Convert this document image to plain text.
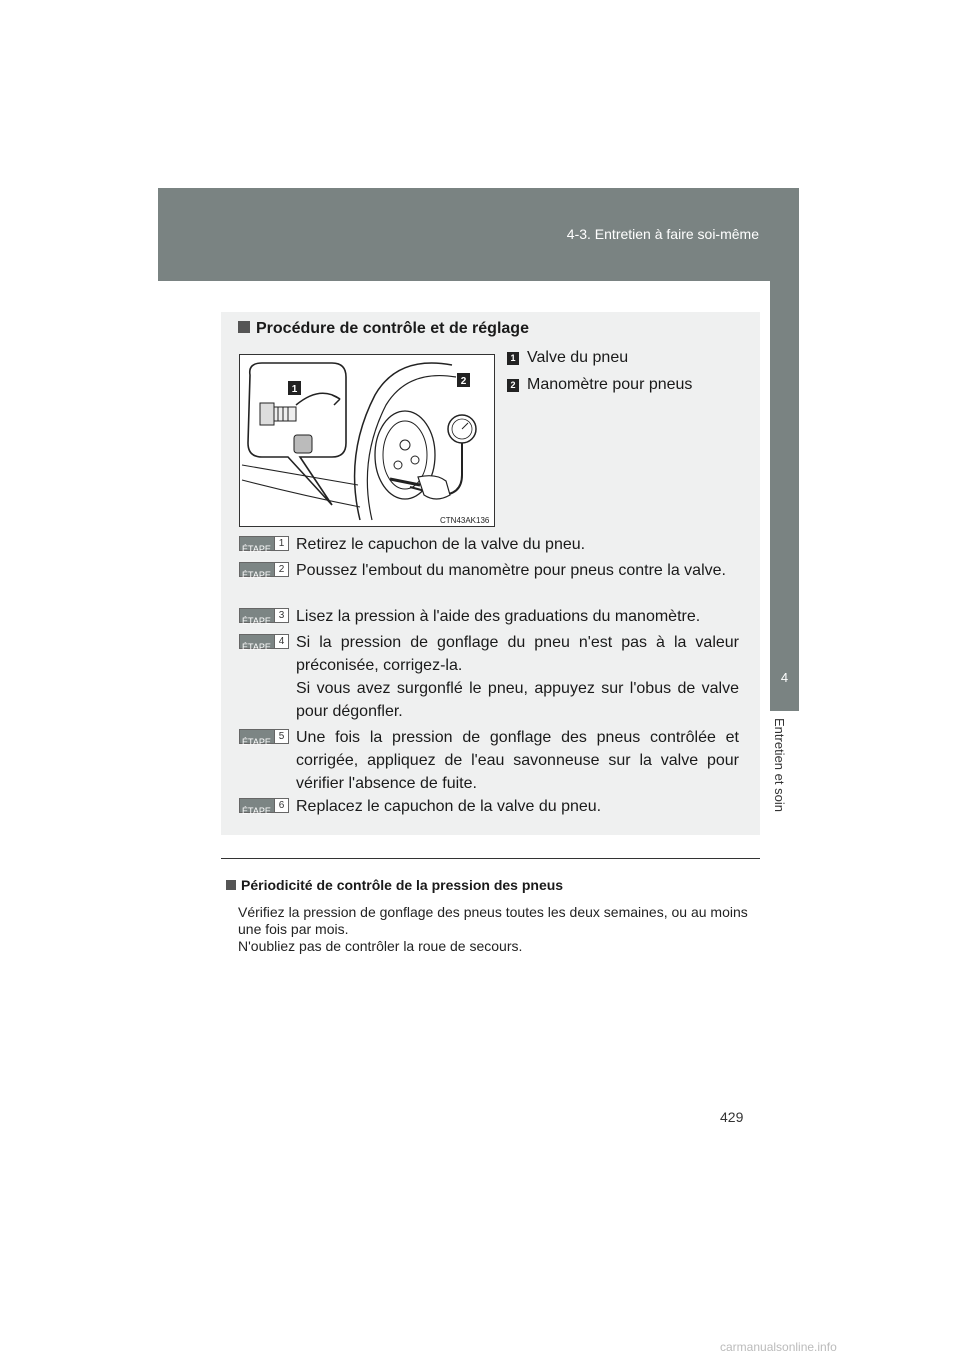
4-3. Entretien à faire soi-même
4
Entretien et soin
Procédure de contrôle et de réglage
1
2
CTN43AK136
1 Valve du pneu
2 Manomètre pour pneus
ÉTAPE 1 Retirez le capuchon de la valve du pneu.

ÉTAPE 2 Poussez l'embout du manomètre pour pneus contre la valve.

ÉTAPE 3 Lisez la pression à l'aide des graduations du manomètre.

ÉTAPE 4 Si la pression de gonflage du pneu n'est pas à la valeur préconisée, corrigez-la.

Si vous avez surgonflé le pneu, appuyez sur l'obus de valve pour dégonfler.

ÉTAPE 5 Une fois la pression de gonflage des pneus contrôlée et corrigée, appliquez de l'eau savonneuse sur la valve pour vérifier l'absence de fuite.

ÉTAPE 6 Replacez le capuchon de la valve du pneu.

Périodicité de contrôle de la pression des pneus

Vérifiez la pression de gonflage des pneus toutes les deux semaines, ou au moins une fois par mois.

N'oubliez pas de contrôler la roue de secours.

429
carmanualsonline.info
